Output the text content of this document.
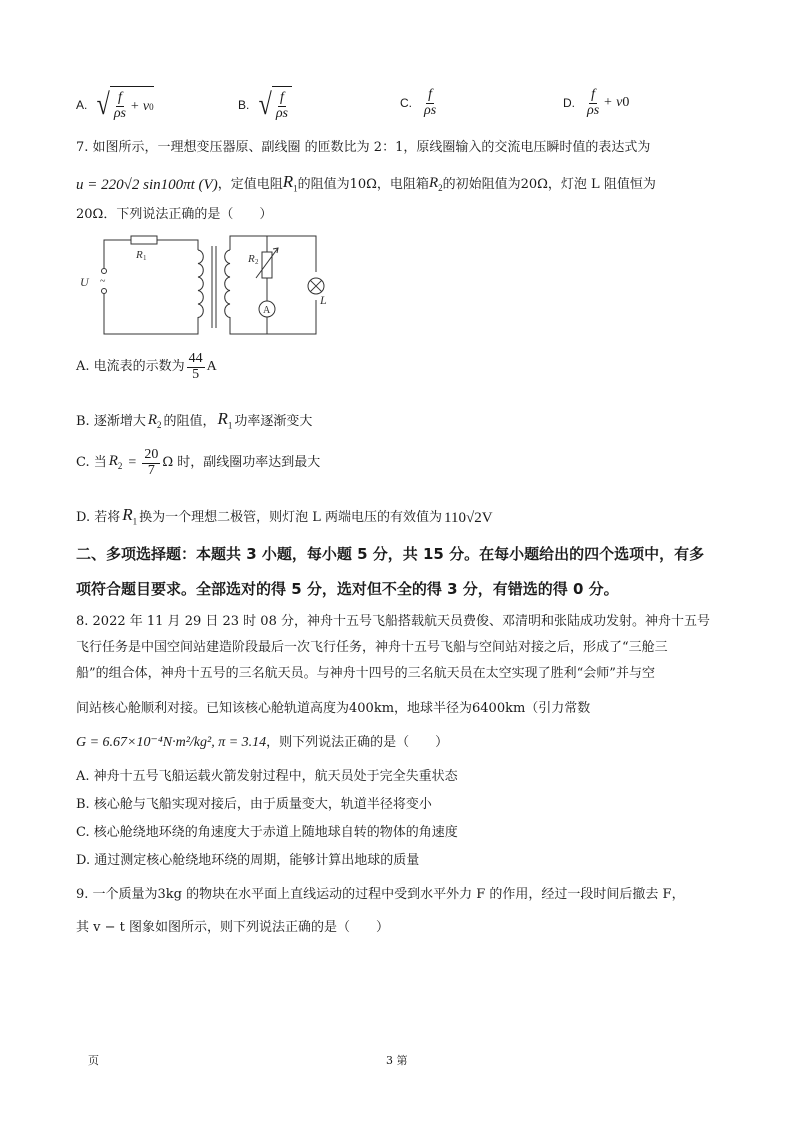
A. √ $\frac{f}{\rho s} + v$ 0	B. √ $\frac{f}{\rho s}$	C. $\frac{f}{\rho s}$	D. $\frac{f}{\rho s} + v$ 0
7. 如图所示，一理想变压器原、副线圈 的匝数比为 2：1，原线圈输入的交流电压瞬时值的表达式为
u = 220√2 sin100πt (V) ，定值电阻 $R_1$ 的阻值为10Ω，电阻箱 $R_2$ 的初始阻值为20Ω，灯泡 L 阻值恒为
20Ω．下列说法正确的是（　　）
R 1	R 2
U ~
A
L
A. 电流表的示数为 $\frac{44}{5}$ A
B. 逐渐增大 $R_2$ 的阻值， $R_1$ 功率逐渐变大
C. 当 $R_2 = \frac{20}{7}$ Ω 时，副线圈功率达到最大
D. 若将 $R_1$ 换为一个理想二极管，则灯泡 L 两端电压的有效值为 110√2V
二、多项选择题：本题共 3 小题，每小题 5 分，共 15 分。在每小题给出的四个选项中，有多
项符合题目要求。全部选对的得 5 分，选对但不全的得 3 分，有错选的得 0 分。
8. 2022 年 11 月 29 日 23 时 08 分，神舟十五号飞船搭载航天员费俊、邓清明和张陆成功发射。神舟十五号
飞行任务是中国空间站建造阶段最后一次飞行任务，神舟十五号飞船与空间站对接之后，形成了“三舱三
船”的组合体，神舟十五号的三名航天员。与神舟十四号的三名航天员在太空实现了胜利“会师”并与空
间站核心舱顺利对接。已知该核心舱轨道高度为400km，地球半径为6400km（引力常数
G = 6.67×10⁻⁴N·m²/kg², π = 3.14 ，则下列说法正确的是（　　）
A. 神舟十五号飞船运载火箭发射过程中，航天员处于完全失重状态
B. 核心舱与飞船实现对接后，由于质量变大，轨道半径将变小
C. 核心舱绕地环绕的角速度大于赤道上随地球自转的物体的角速度
D. 通过测定核心舱绕地环绕的周期，能够计算出地球的质量
9. 一个质量为3kg 的物块在水平面上直线运动的过程中受到水平外力 F 的作用，经过一段时间后撤去 F，
其 v − t 图象如图所示，则下列说法正确的是（　　）
页	3 第
